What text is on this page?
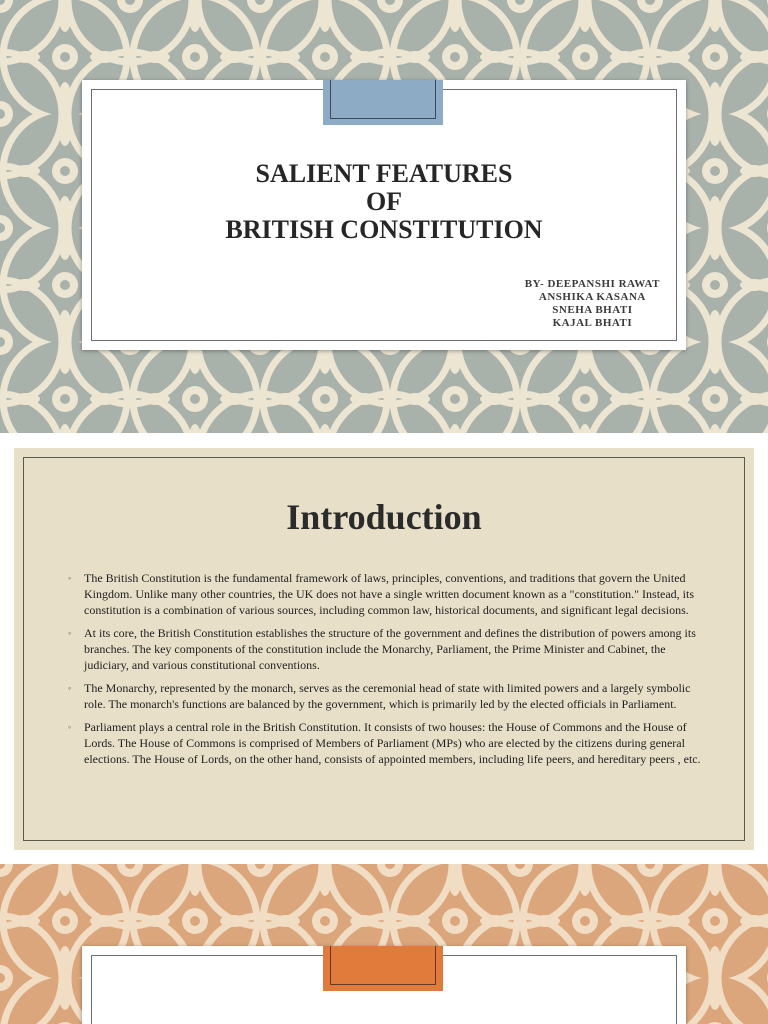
SALIENT FEATURES
OF
BRITISH CONSTITUTION
BY- DEEPANSHI RAWAT
ANSHIKA KASANA
SNEHA BHATI
KAJAL BHATI
Introduction
◦ The British Constitution is the fundamental framework of laws, principles, conventions, and traditions that govern the United Kingdom. Unlike many other countries, the UK does not have a single written document known as a "constitution." Instead, its constitution is a combination of various sources, including common law, historical documents, and significant legal decisions.
◦ At its core, the British Constitution establishes the structure of the government and defines the distribution of powers among its branches. The key components of the constitution include the Monarchy, Parliament, the Prime Minister and Cabinet, the judiciary, and various constitutional conventions.
◦ The Monarchy, represented by the monarch, serves as the ceremonial head of state with limited powers and a largely symbolic role. The monarch's functions are balanced by the government, which is primarily led by the elected officials in Parliament.
◦ Parliament plays a central role in the British Constitution. It consists of two houses: the House of Commons and the House of Lords. The House of Commons is comprised of Members of Parliament (MPs) who are elected by the citizens during general elections. The House of Lords, on the other hand, consists of appointed members, including life peers, and hereditary peers , etc.
